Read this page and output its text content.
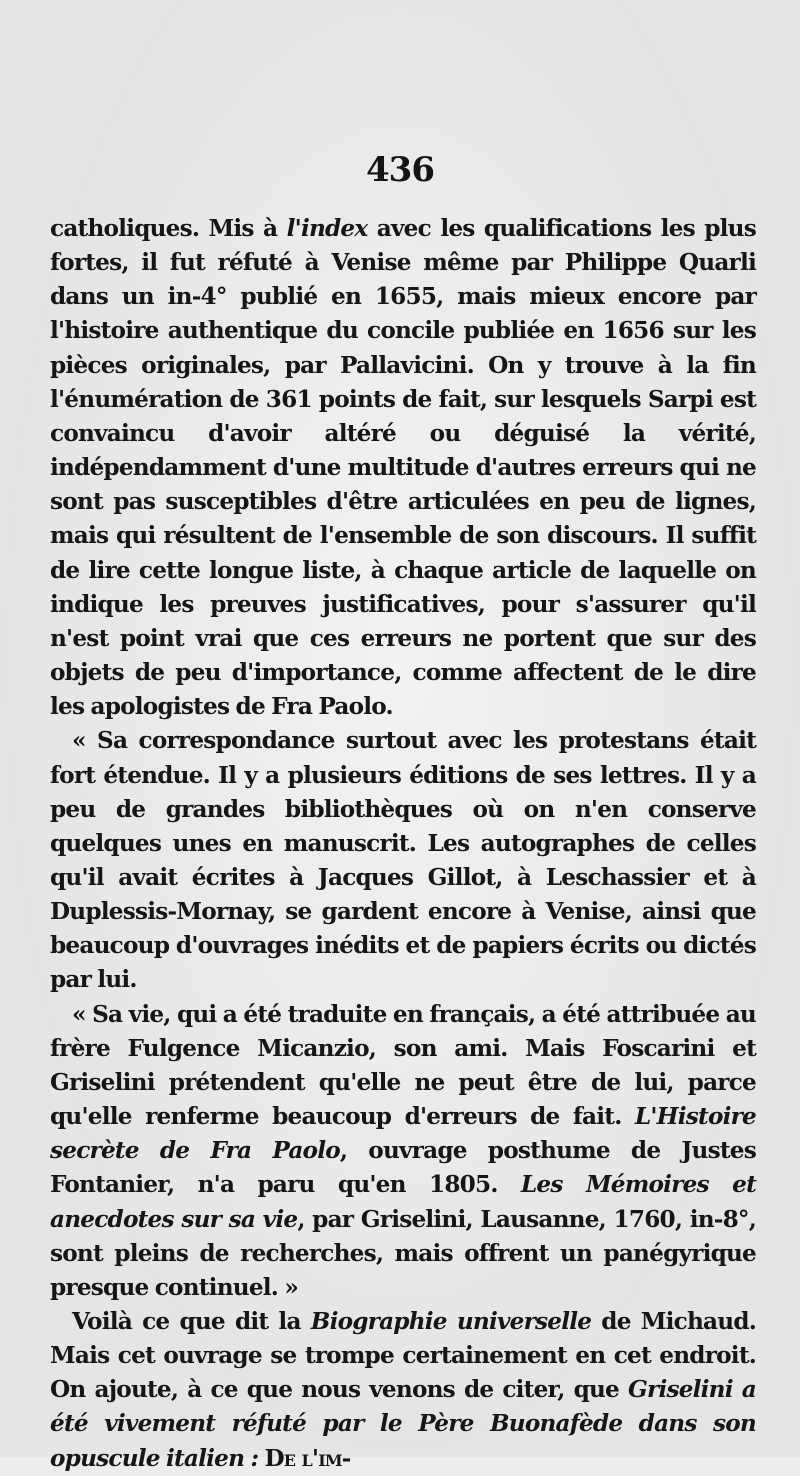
436

catholiques. Mis à l'index avec les qualifications les plus fortes, il fut réfuté à Venise même par Philippe Quarli dans un in-4° publié en 1655, mais mieux encore par l'histoire authentique du concile publiée en 1656 sur les pièces originales, par Pallavicini. On y trouve à la fin l'énumération de 361 points de fait, sur lesquels Sarpi est convaincu d'avoir altéré ou déguisé la vérité, indépendamment d'une multitude d'autres erreurs qui ne sont pas susceptibles d'être articulées en peu de lignes, mais qui résultent de l'ensemble de son discours. Il suffit de lire cette longue liste, à chaque article de laquelle on indique les preuves justificatives, pour s'assurer qu'il n'est point vrai que ces erreurs ne portent que sur des objets de peu d'importance, comme affectent de le dire les apologistes de Fra Paolo.

« Sa correspondance surtout avec les protestans était fort étendue. Il y a plusieurs éditions de ses lettres. Il y a peu de grandes bibliothèques où on n'en conserve quelques unes en manuscrit. Les autographes de celles qu'il avait écrites à Jacques Gillot, à Leschassier et à Duplessis-Mornay, se gardent encore à Venise, ainsi que beaucoup d'ouvrages inédits et de papiers écrits ou dictés par lui.

« Sa vie, qui a été traduite en français, a été attribuée au frère Fulgence Micanzio, son ami. Mais Foscarini et Griselini prétendent qu'elle ne peut être de lui, parce qu'elle renferme beaucoup d'erreurs de fait. L'Histoire secrète de Fra Paolo, ouvrage posthume de Justes Fontanier, n'a paru qu'en 1805. Les Mémoires et anecdotes sur sa vie, par Griselini, Lausanne, 1760, in-8°, sont pleins de recherches, mais offrent un panégyrique presque continuel. »

Voilà ce que dit la Biographie universelle de Michaud. Mais cet ouvrage se trompe certainement en cet endroit. On ajoute, à ce que nous venons de citer, que Griselini a été vivement réfuté par le Père Buonafède dans son opuscule italien : De l'im-
